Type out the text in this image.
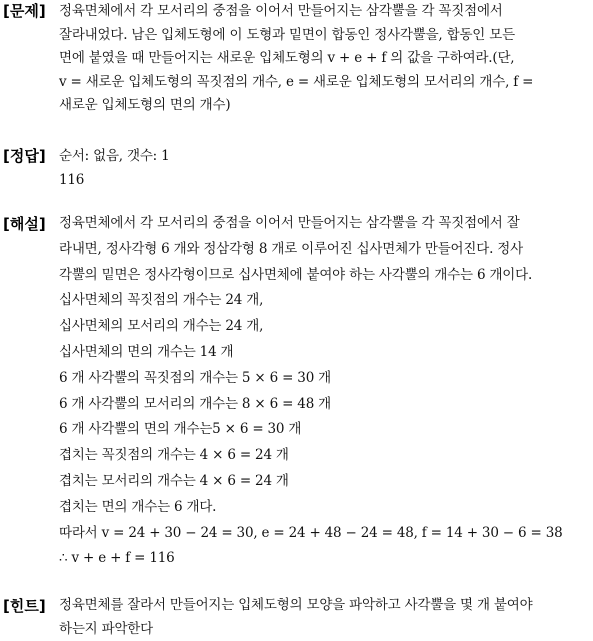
[문제] 정육면체에서 각 모서리의 중점을 이어서 만들어지는 삼각뿔을 각 꼭짓점에서
잘라내었다. 남은 입체도형에 이 도형과 밑면이 합동인 정사각뿔을, 합동인 모든
면에 붙였을 때 만들어지는 새로운 입체도형의 v + e + f 의 값을 구하여라.(단,
v = 새로운 입체도형의 꼭짓점의 개수, e = 새로운 입체도형의 모서리의 개수, f =
새로운 입체도형의 면의 개수)
[정답] 순서: 없음, 갯수: 1
116
[해설] 정육면체에서 각 모서리의 중점을 이어서 만들어지는 삼각뿔을 각 꼭짓점에서 잘
라내면, 정사각형 6 개와 정삼각형 8 개로 이루어진 십사면체가 만들어진다. 정사
각뿔의 밑면은 정사각형이므로 십사면체에 붙여야 하는 사각뿔의 개수는 6 개이다.
십사면체의 꼭짓점의 개수는 24 개,
십사면체의 모서리의 개수는 24 개,
십사면체의 면의 개수는 14 개
6 개 사각뿔의 꼭짓점의 개수는 5 × 6 = 30 개
6 개 사각뿔의 모서리의 개수는 8 × 6 = 48 개
6 개 사각뿔의 면의 개수는5 × 6 = 30 개
겹치는 꼭짓점의 개수는 4 × 6 = 24 개
겹치는 모서리의 개수는 4 × 6 = 24 개
겹치는 면의 개수는 6 개다.
따라서 v = 24 + 30 − 24 = 30, e = 24 + 48 − 24 = 48, f = 14 + 30 − 6 = 38
∴ v + e + f = 116
[힌트] 정육면체를 잘라서 만들어지는 입체도형의 모양을 파악하고 사각뿔을 몇 개 붙여야
하는지 파악한다
